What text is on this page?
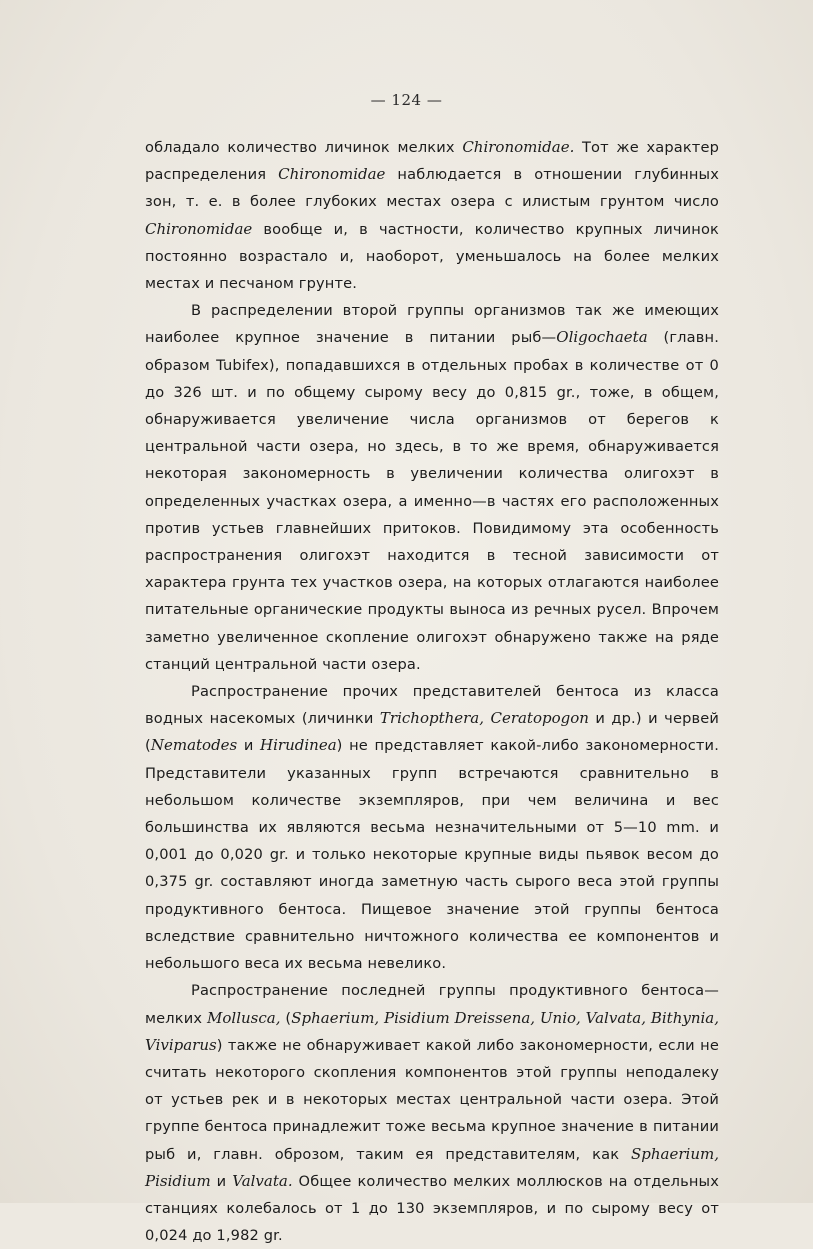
— 124 —

обладало количество личинок мелких Chironomidae. Тот же характер распределения Chironomidae наблюдается в отношении глубинных зон, т. е. в более глубоких местах озера с илистым грунтом число Chironomidae вообще и, в частности, количество крупных личинок постоянно возрастало и, наоборот, уменьшалось на более мелких местах и песчаном грунте.

В распределении второй группы организмов так же имеющих наиболее крупное значение в питании рыб—Oligochaeta (главн. образом Tubifex), попадавшихся в отдельных пробах в количестве от 0 до 326 шт. и по общему сырому весу до 0,815 gr., тоже, в общем, обнаруживается увеличение числа организмов от берегов к центральной части озера, но здесь, в то же время, обнаруживается некоторая закономерность в увеличении количества олигохэт в определенных участках озера, а именно—в частях его расположенных против устьев главнейших притоков. Повидимому эта особенность распространения олигохэт находится в тесной зависимости от характера грунта тех участков озера, на которых отлагаются наиболее питательные органические продукты выноса из речных русел. Впрочем заметно увеличенное скопление олигохэт обнаружено также на ряде станций центральной части озера.

Распространение прочих представителей бентоса из класса водных насекомых (личинки Trichopthera, Ceratopogon и др.) и червей (Nematodes и Hirudinea) не представляет какой-либо закономерности. Представители указанных групп встречаются сравнительно в небольшом количестве экземпляров, при чем величина и вес большинства их являются весьма незначительными от 5—10 mm. и 0,001 до 0,020 gr. и только некоторые крупные виды пьявок весом до 0,375 gr. составляют иногда заметную часть сырого веса этой группы продуктивного бентоса. Пищевое значение этой группы бентоса вследствие сравнительно ничтожного количества ее компонентов и небольшого веса их весьма невелико.

Распространение последней группы продуктивного бентоса—мелких Mollusca, (Sphaerium, Pisidium Dreissena, Unio, Valvata, Bithynia, Viviparus) также не обнаруживает какой либо закономерности, если не считать некоторого скопления компонентов этой группы неподалеку от устьев рек и в некоторых местах центральной части озера. Этой группе бентоса принадлежит тоже весьма крупное значение в питании рыб и, главн. оброзом, таким ея представителям, как Sphaerium, Pisidium и Valvata. Общее количество мелких моллюсков на отдельных станциях колебалось от 1 до 130 экземпляров, и по сырому весу от 0,024 до 1,982 gr.
